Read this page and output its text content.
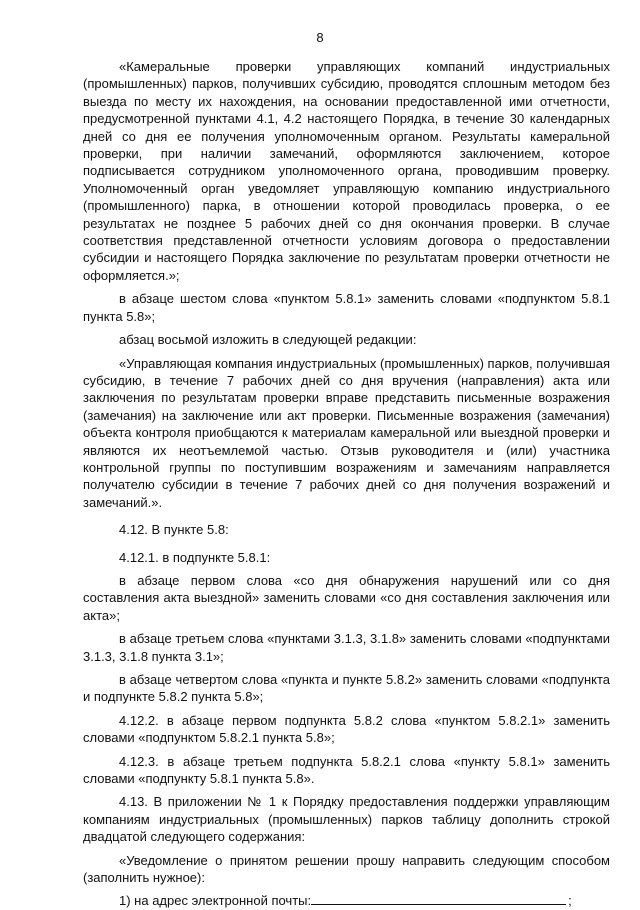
8

«Камеральные проверки управляющих компаний индустриальных (промышленных) парков, получивших субсидию, проводятся сплошным методом без выезда по месту их нахождения, на основании предоставленной ими отчетности, предусмотренной пунктами 4.1, 4.2 настоящего Порядка, в течение 30 календарных дней со дня ее получения уполномоченным органом. Результаты камеральной проверки, при наличии замечаний, оформляются заключением, которое подписывается сотрудником уполномоченного органа, проводившим проверку. Уполномоченный орган уведомляет управляющую компанию индустриального (промышленного) парка, в отношении которой проводилась проверка, о ее результатах не позднее 5 рабочих дней со дня окончания проверки. В случае соответствия представленной отчетности условиям договора о предоставлении субсидии и настоящего Порядка заключение по результатам проверки отчетности не оформляется.»;

в абзаце шестом слова «пунктом 5.8.1» заменить словами «подпунктом 5.8.1 пункта 5.8»;

абзац восьмой изложить в следующей редакции:

«Управляющая компания индустриальных (промышленных) парков, получившая субсидию, в течение 7 рабочих дней со дня вручения (направления) акта или заключения по результатам проверки вправе представить письменные возражения (замечания) на заключение или акт проверки. Письменные возражения (замечания) объекта контроля приобщаются к материалам камеральной или выездной проверки и являются их неотъемлемой частью. Отзыв руководителя и (или) участника контрольной группы по поступившим возражениям и замечаниям направляется получателю субсидии в течение 7 рабочих дней со дня получения возражений и замечаний.».

4.12. В пункте 5.8:

4.12.1. в подпункте 5.8.1:

в абзаце первом слова «со дня обнаружения нарушений или со дня составления акта выездной» заменить словами «со дня составления заключения или акта»;

в абзаце третьем слова «пунктами 3.1.3, 3.1.8» заменить словами «подпунктами 3.1.3, 3.1.8 пункта 3.1»;

в абзаце четвертом слова «пункта и пункте 5.8.2» заменить словами «подпункта и подпункте 5.8.2 пункта 5.8»;

4.12.2. в абзаце первом подпункта 5.8.2 слова «пунктом 5.8.2.1» заменить словами «подпунктом 5.8.2.1 пункта 5.8»;

4.12.3. в абзаце третьем подпункта 5.8.2.1 слова «пункту 5.8.1» заменить словами «подпункту 5.8.1 пункта 5.8».

4.13. В приложении № 1 к Порядку предоставления поддержки управляющим компаниям индустриальных (промышленных) парков таблицу дополнить строкой двадцатой следующего содержания:

«Уведомление о принятом решении прошу направить следующим способом (заполнить нужное):

1) на адрес электронной почты:	;
